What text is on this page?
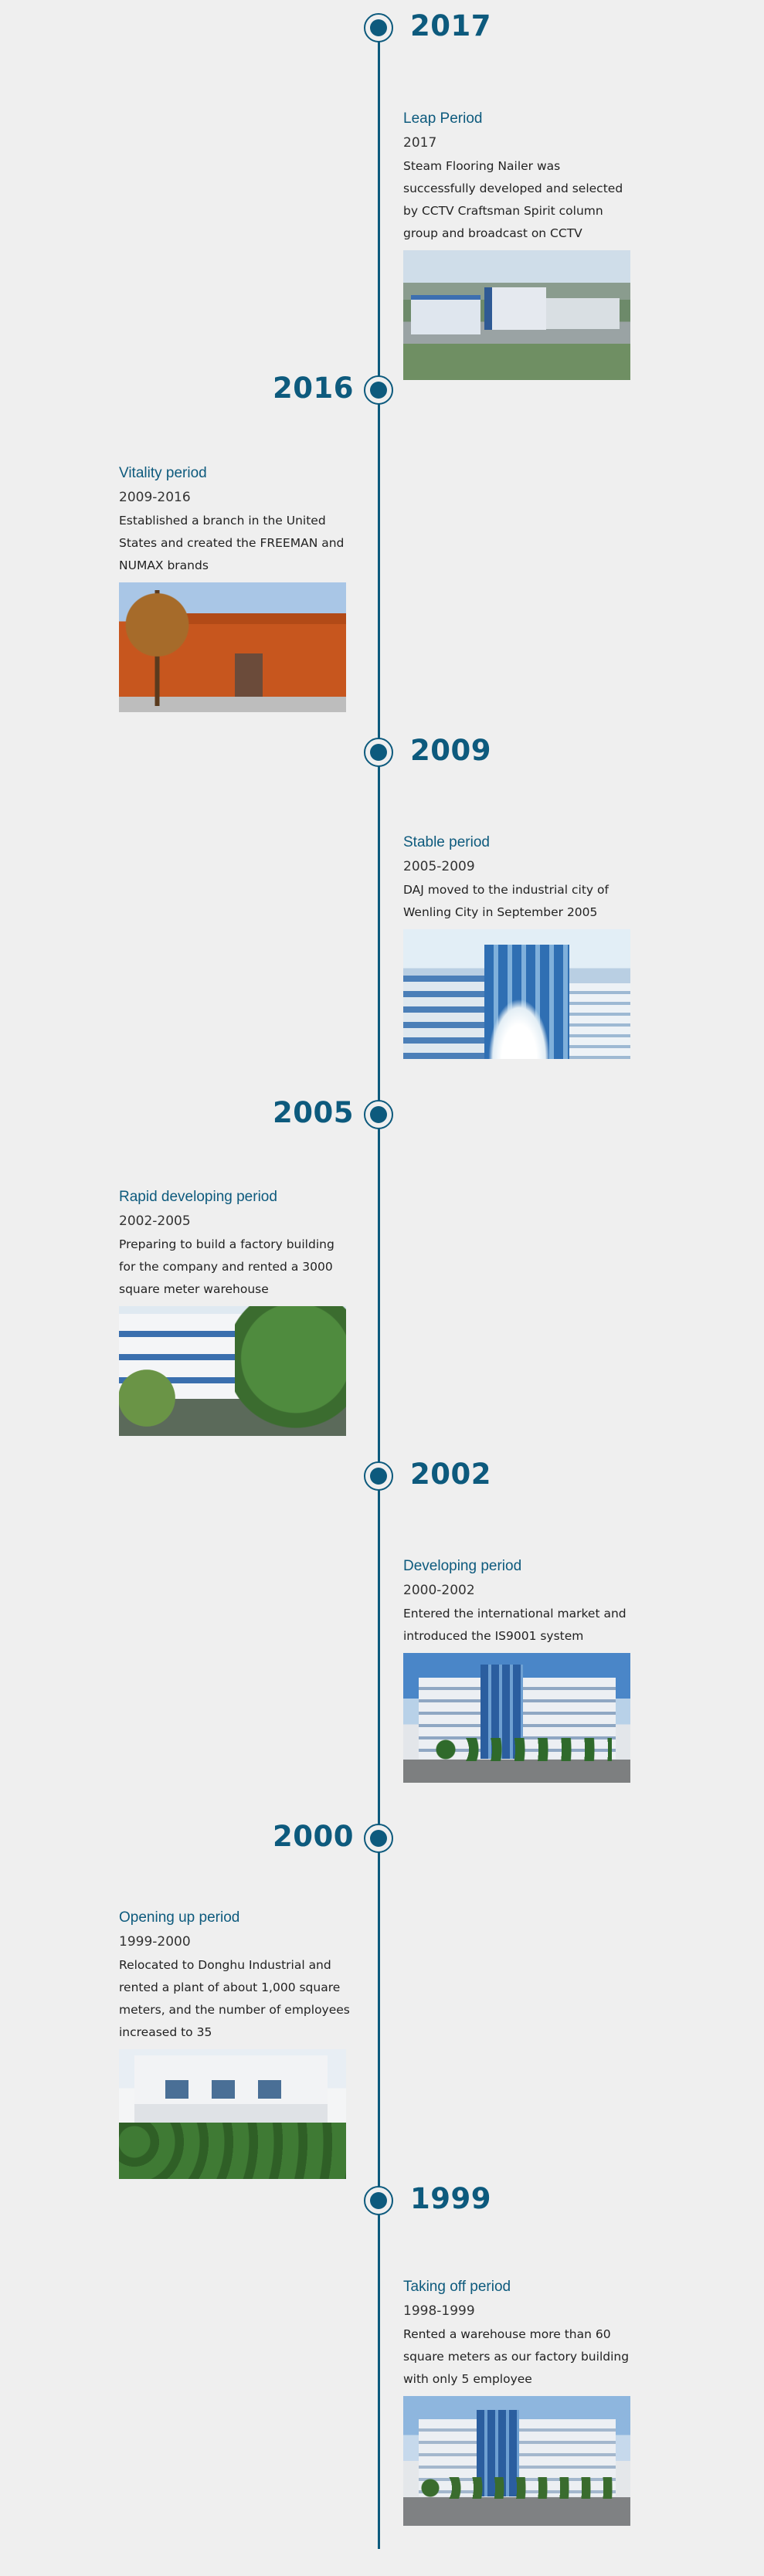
2017
Leap Period
2017
Steam Flooring Nailer was successfully developed and selected by CCTV Craftsman Spirit column group and broadcast on CCTV
2016
Vitality period
2009-2016
Established a branch in the United States and created the FREEMAN and NUMAX brands
2009
Stable period
2005-2009
DAJ moved to the industrial city of Wenling City in September 2005
2005
Rapid developing period
2002-2005
Preparing to build a factory building for the company and rented a 3000 square meter warehouse
2002
Developing period
2000-2002
Entered the international market and introduced the IS9001 system
2000
Opening up period
1999-2000
Relocated to Donghu Industrial and rented a plant of about 1,000 square meters, and the number of employees increased to 35
1999
Taking off period
1998-1999
Rented a warehouse more than 60 square meters as our factory building with only 5 employee
